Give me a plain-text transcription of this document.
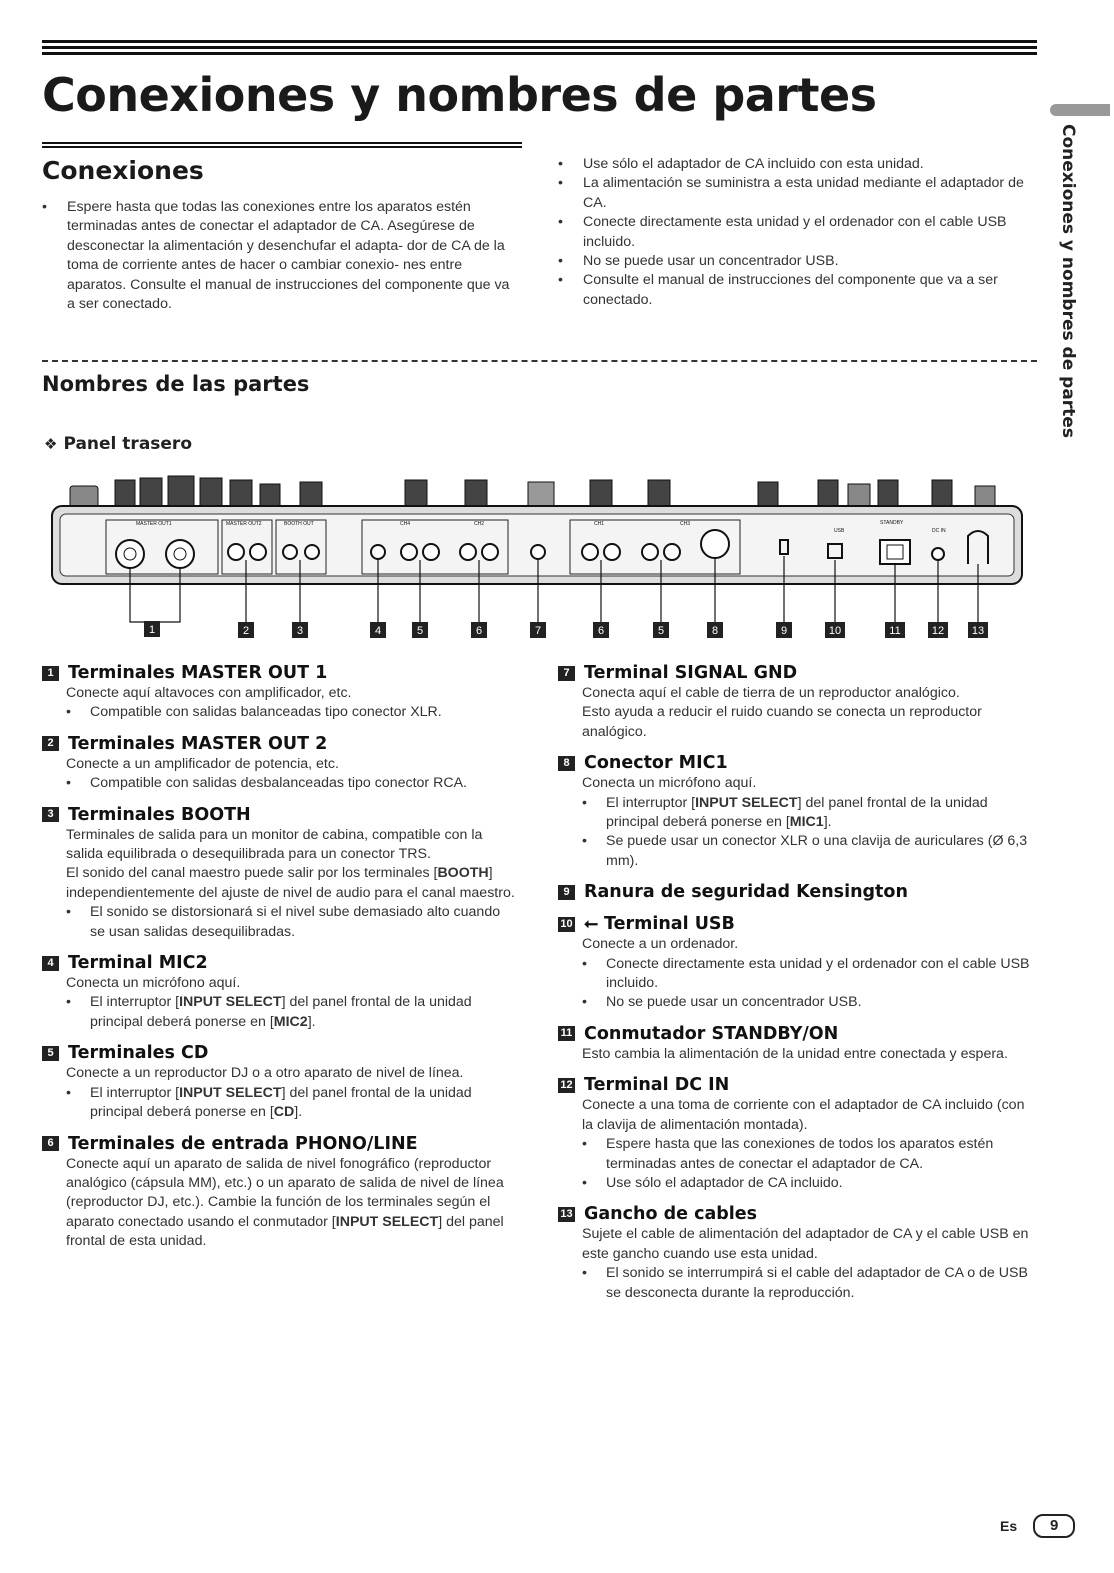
Conexiones y nombres de partes
Conexiones y nombres de partes
Conexiones
• Espere hasta que todas las conexiones entre los aparatos estén terminadas antes de conectar el adaptador de CA. Asegúrese de desconectar la alimentación y desenchufar el adapta- dor de CA de la toma de corriente antes de hacer o cambiar conexio- nes entre aparatos. Consulte el manual de instrucciones del componente que va a ser conectado.
• Use sólo el adaptador de CA incluido con esta unidad.
• La alimentación se suministra a esta unidad mediante el adaptador de CA.
• Conecte directamente esta unidad y el ordenador con el cable USB incluido.
• No se puede usar un concentrador USB.
• Consulte el manual de instrucciones del componente que va a ser conectado.
Nombres de las partes
❖ Panel trasero
MASTER OUT1	MASTER OUT2	BOOTH OUT	CH4	CH2	CH1	CH3	STANDBY
DC IN
USB
1	2	3	4	5	6	7	6	5	8	9	10	11	12	13
1 Terminales MASTER OUT 1

Conecte aquí altavoces con amplificador, etc.

• Compatible con salidas balanceadas tipo conector XLR.
2 Terminales MASTER OUT 2

Conecte a un amplificador de potencia, etc.

• Compatible con salidas desbalanceadas tipo conector RCA.
3 Terminales BOOTH

Terminales de salida para un monitor de cabina, compatible con la salida equilibrada o desequilibrada para un conector TRS.

El sonido del canal maestro puede salir por los terminales [BOOTH] independientemente del ajuste de nivel de audio para el canal maestro.

• El sonido se distorsionará si el nivel sube demasiado alto cuando se usan salidas desequilibradas.
4 Terminal MIC2

Conecta un micrófono aquí.

• El interruptor [INPUT SELECT] del panel frontal de la unidad principal deberá ponerse en [MIC2].
5 Terminales CD

Conecte a un reproductor DJ o a otro aparato de nivel de línea.

• El interruptor [INPUT SELECT] del panel frontal de la unidad principal deberá ponerse en [CD].
6 Terminales de entrada PHONO/LINE

Conecte aquí un aparato de salida de nivel fonográfico (reproductor analógico (cápsula MM), etc.) o un aparato de salida de nivel de línea (reproductor DJ, etc.). Cambie la función de los terminales según el aparato conectado usando el conmutador [INPUT SELECT] del panel frontal de esta unidad.

7 Terminal SIGNAL GND

Conecta aquí el cable de tierra de un reproductor analógico.

Esto ayuda a reducir el ruido cuando se conecta un reproductor analógico.

8 Conector MIC1

Conecta un micrófono aquí.

• El interruptor [INPUT SELECT] del panel frontal de la unidad principal deberá ponerse en [MIC1].
• Se puede usar un conector XLR o una clavija de auriculares (Ø 6,3 mm).
9 Ranura de seguridad Kensington
10 ⭠ Terminal USB

Conecte a un ordenador.

• Conecte directamente esta unidad y el ordenador con el cable USB incluido.
• No se puede usar un concentrador USB.
11 Conmutador STANDBY/ON

Esto cambia la alimentación de la unidad entre conectada y espera.

12 Terminal DC IN

Conecte a una toma de corriente con el adaptador de CA incluido (con la clavija de alimentación montada).

• Espere hasta que las conexiones de todos los aparatos estén terminadas antes de conectar el adaptador de CA.
• Use sólo el adaptador de CA incluido.
13 Gancho de cables

Sujete el cable de alimentación del adaptador de CA y el cable USB en este gancho cuando use esta unidad.

• El sonido se interrumpirá si el cable del adaptador de CA o de USB se desconecta durante la reproducción.
Es	9
